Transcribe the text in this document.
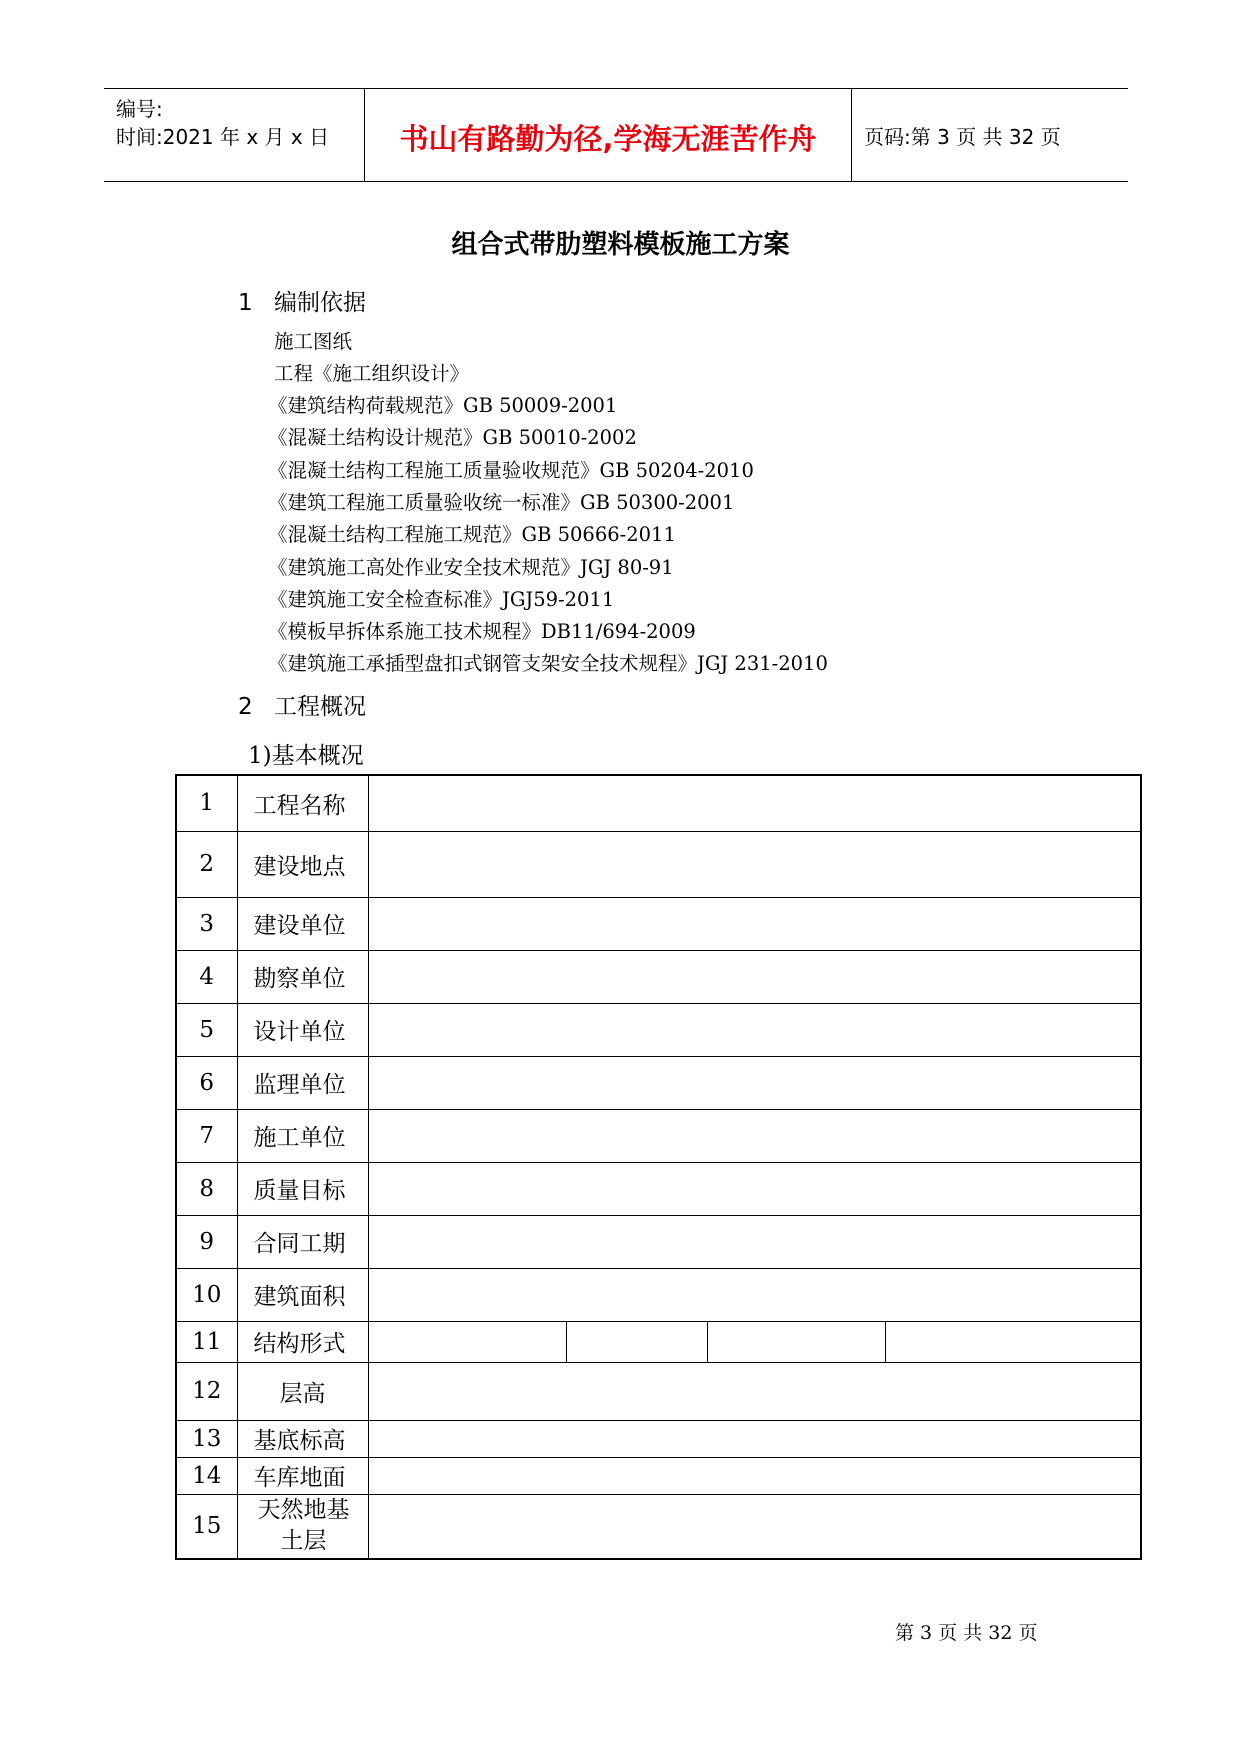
编号:
时间:2021 年 x 月 x 日	书山有路勤为径,学海无涯苦作舟	页码:第 3 页 共 32 页
组合式带肋塑料模板施工方案
1 编制依据
施工图纸
工程《施工组织设计》
《建筑结构荷载规范》GB 50009-2001
《混凝土结构设计规范》GB 50010-2002
《混凝土结构工程施工质量验收规范》GB 50204-2010
《建筑工程施工质量验收统一标准》GB 50300-2001
《混凝土结构工程施工规范》GB 50666-2011
《建筑施工高处作业安全技术规范》JGJ 80-91
《建筑施工安全检查标准》JGJ59-2011
《模板早拆体系施工技术规程》DB11/694-2009
《建筑施工承插型盘扣式钢管支架安全技术规程》JGJ 231-2010
2 工程概况
1)基本概况
1	工程名称				
2	建设地点				
3	建设单位				
4	勘察单位				
5	设计单位				
6	监理单位				
7	施工单位				
8	质量目标				
9	合同工期				
10	建筑面积				
11	结构形式				
12	层高				
13	基底标高				
14	车库地面				
15	天然地基土层				

第 3 页 共 32 页
